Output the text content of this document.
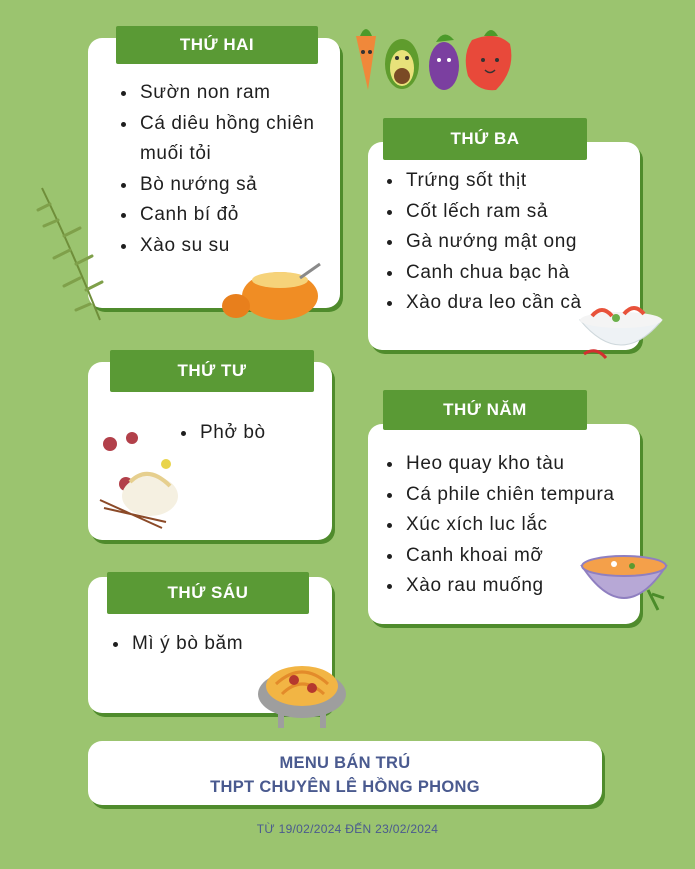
THỨ HAI
• Sườn non ram
• Cá diêu hồng chiên
muối tỏi
• Bò nướng sả
• Canh bí đỏ
• Xào su su
THỨ BA
• Trứng sốt thịt
• Cốt lếch ram sả
• Gà nướng mật ong
• Canh chua bạc hà
• Xào dưa leo cần cà
THỨ TƯ
• Phở bò
THỨ NĂM
• Heo quay kho tàu
• Cá phile chiên tempura
• Xúc xích luc lắc
• Canh khoai mỡ
• Xào rau muống
THỨ SÁU
• Mì ý bò băm
MENU BÁN TRÚ
THPT CHUYÊN LÊ HỒNG PHONG
TỪ 19/02/2024 ĐẾN 23/02/2024
